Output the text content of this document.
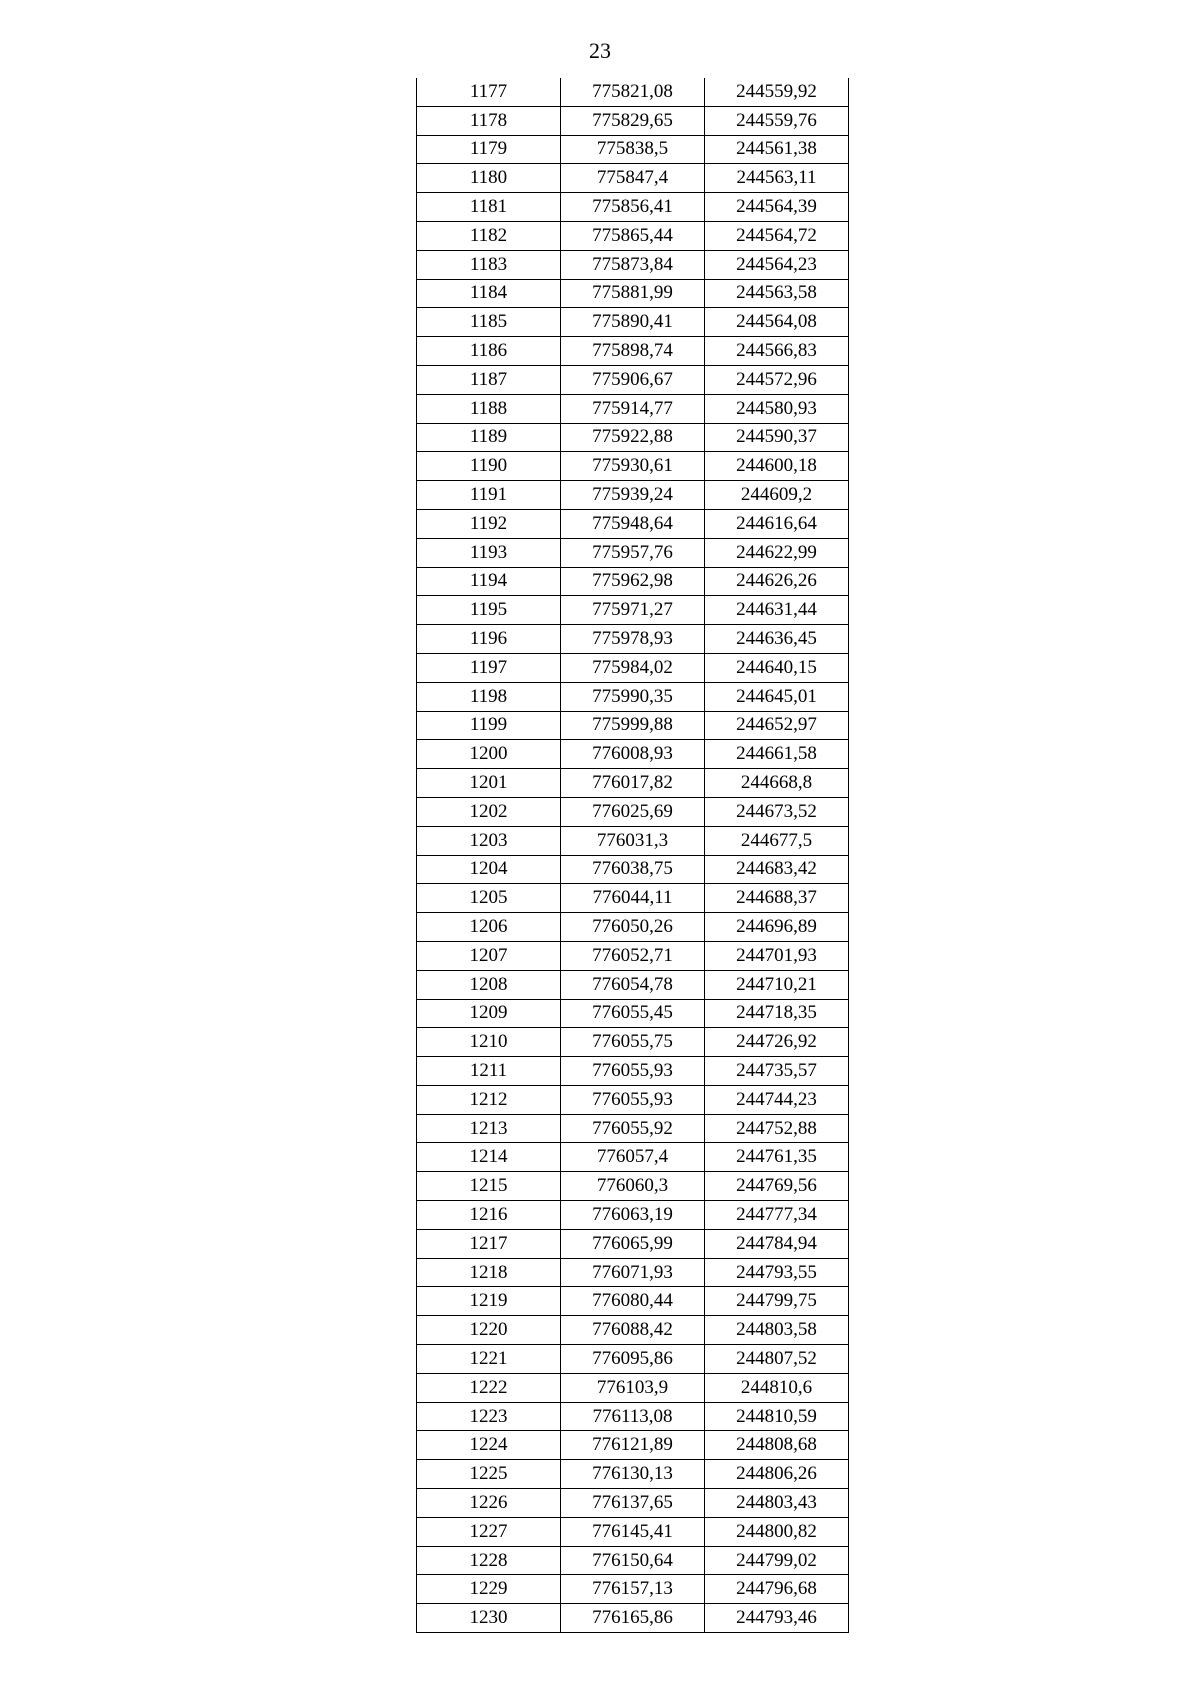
23
1177	775821,08	244559,92
1178	775829,65	244559,76
1179	775838,5	244561,38
1180	775847,4	244563,11
1181	775856,41	244564,39
1182	775865,44	244564,72
1183	775873,84	244564,23
1184	775881,99	244563,58
1185	775890,41	244564,08
1186	775898,74	244566,83
1187	775906,67	244572,96
1188	775914,77	244580,93
1189	775922,88	244590,37
1190	775930,61	244600,18
1191	775939,24	244609,2
1192	775948,64	244616,64
1193	775957,76	244622,99
1194	775962,98	244626,26
1195	775971,27	244631,44
1196	775978,93	244636,45
1197	775984,02	244640,15
1198	775990,35	244645,01
1199	775999,88	244652,97
1200	776008,93	244661,58
1201	776017,82	244668,8
1202	776025,69	244673,52
1203	776031,3	244677,5
1204	776038,75	244683,42
1205	776044,11	244688,37
1206	776050,26	244696,89
1207	776052,71	244701,93
1208	776054,78	244710,21
1209	776055,45	244718,35
1210	776055,75	244726,92
1211	776055,93	244735,57
1212	776055,93	244744,23
1213	776055,92	244752,88
1214	776057,4	244761,35
1215	776060,3	244769,56
1216	776063,19	244777,34
1217	776065,99	244784,94
1218	776071,93	244793,55
1219	776080,44	244799,75
1220	776088,42	244803,58
1221	776095,86	244807,52
1222	776103,9	244810,6
1223	776113,08	244810,59
1224	776121,89	244808,68
1225	776130,13	244806,26
1226	776137,65	244803,43
1227	776145,41	244800,82
1228	776150,64	244799,02
1229	776157,13	244796,68
1230	776165,86	244793,46
